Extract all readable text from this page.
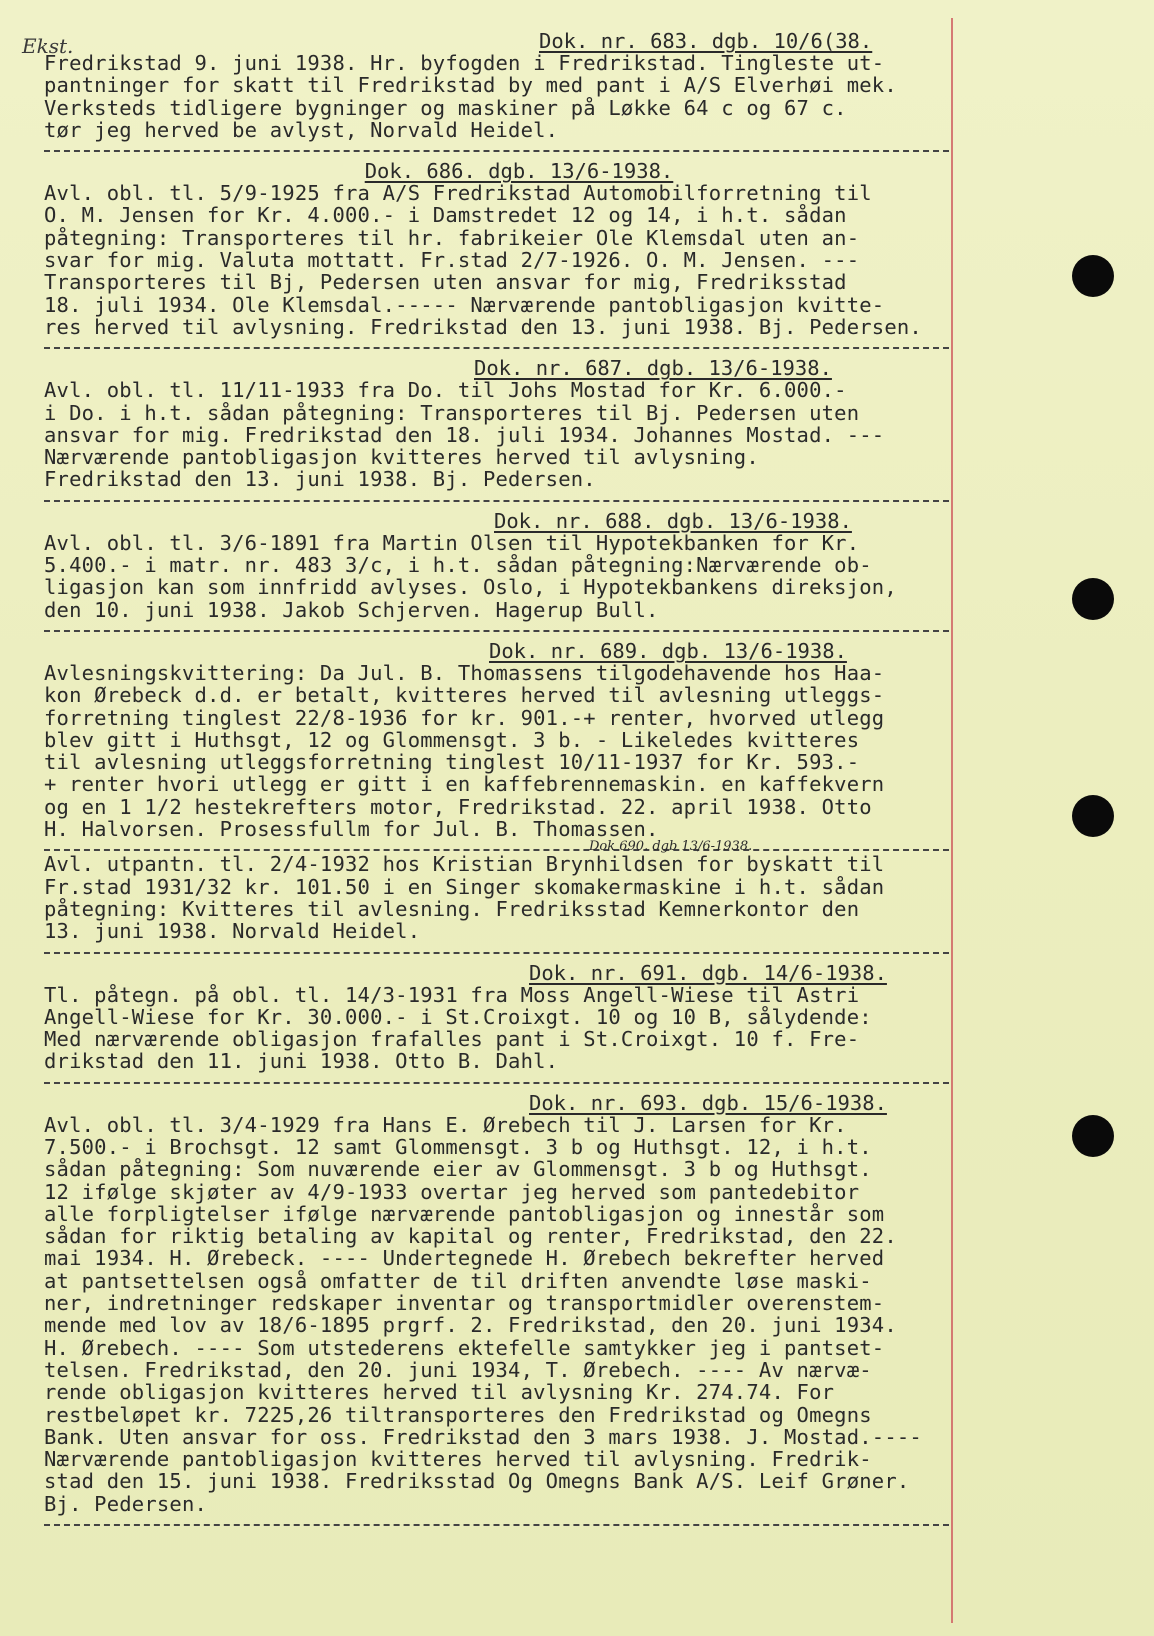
Ekst.	Dok. nr. 683. dgb. 10/6(38.
Fredrikstad 9. juni 1938. Hr. byfogden i Fredrikstad. Tingleste ut-
pantninger for skatt til Fredrikstad by med pant i A/S Elverhøi mek.
Verksteds tidligere bygninger og maskiner på Løkke 64 c og 67 c.
tør jeg herved be avlyst, Norvald Heidel.
Dok. 686. dgb. 13/6-1938.
Avl. obl. tl. 5/9-1925 fra A/S Fredrikstad Automobilforretning til
O. M. Jensen for Kr. 4.000.- i Damstredet 12 og 14, i h.t. sådan
påtegning: Transporteres til hr. fabrikeier Ole Klemsdal uten an-
svar for mig. Valuta mottatt. Fr.stad 2/7-1926. O. M. Jensen. ---
Transporteres til Bj, Pedersen uten ansvar for mig, Fredriksstad
18. juli 1934. Ole Klemsdal.----- Nærværende pantobligasjon kvitte-
res herved til avlysning. Fredrikstad den 13. juni 1938. Bj. Pedersen.
Dok. nr. 687. dgb. 13/6-1938.
Avl. obl. tl. 11/11-1933 fra Do. til Johs Mostad for Kr. 6.000.-
i Do. i h.t. sådan påtegning: Transporteres til Bj. Pedersen uten
ansvar for mig. Fredrikstad den 18. juli 1934. Johannes Mostad. ---
Nærværende pantobligasjon kvitteres herved til avlysning.
Fredrikstad den 13. juni 1938. Bj. Pedersen.
Dok. nr. 688. dgb. 13/6-1938.
Avl. obl. tl. 3/6-1891 fra Martin Olsen til Hypotekbanken for Kr.
5.400.- i matr. nr. 483 3/c, i h.t. sådan påtegning:Nærværende ob-
ligasjon kan som innfridd avlyses. Oslo, i Hypotekbankens direksjon,
den 10. juni 1938. Jakob Schjerven. Hagerup Bull.
Dok. nr. 689. dgb. 13/6-1938.
Avlesningskvittering: Da Jul. B. Thomassens tilgodehavende hos Haa-
kon Ørebeck d.d. er betalt, kvitteres herved til avlesning utleggs-
forretning tinglest 22/8-1936 for kr. 901.-+ renter, hvorved utlegg
blev gitt i Huthsgt, 12 og Glommensgt. 3 b. - Likeledes kvitteres
til avlesning utleggsforretning tinglest 10/11-1937 for Kr. 593.-
+ renter hvori utlegg er gitt i en kaffebrennemaskin. en kaffekvern
og en 1 1/2 hestekrefters motor, Fredrikstad. 22. april 1938. Otto
H. Halvorsen. Prosessfullm for Jul. B. Thomassen.
Dok 690. dgb 13/6-1938.
Avl. utpantn. tl. 2/4-1932 hos Kristian Brynhildsen for byskatt til
Fr.stad 1931/32 kr. 101.50 i en Singer skomakermaskine i h.t. sådan
påtegning: Kvitteres til avlesning. Fredriksstad Kemnerkontor den
13. juni 1938. Norvald Heidel.
Dok. nr. 691. dgb. 14/6-1938.
Tl. påtegn. på obl. tl. 14/3-1931 fra Moss Angell-Wiese til Astri
Angell-Wiese for Kr. 30.000.- i St.Croixgt. 10 og 10 B, sålydende:
Med nærværende obligasjon frafalles pant i St.Croixgt. 10 f. Fre-
drikstad den 11. juni 1938. Otto B. Dahl.
Dok. nr. 693. dgb. 15/6-1938.
Avl. obl. tl. 3/4-1929 fra Hans E. Ørebech til J. Larsen for Kr.
7.500.- i Brochsgt. 12 samt Glommensgt. 3 b og Huthsgt. 12, i h.t.
sådan påtegning: Som nuværende eier av Glommensgt. 3 b og Huthsgt.
12 ifølge skjøter av 4/9-1933 overtar jeg herved som pantedebitor
alle forpligtelser ifølge nærværende pantobligasjon og innestår som
sådan for riktig betaling av kapital og renter, Fredrikstad, den 22.
mai 1934. H. Ørebeck. ---- Undertegnede H. Ørebech bekrefter herved
at pantsettelsen også omfatter de til driften anvendte løse maski-
ner, indretninger redskaper inventar og transportmidler overenstem-
mende med lov av 18/6-1895 prgrf. 2. Fredrikstad, den 20. juni 1934.
H. Ørebech. ---- Som utstederens ektefelle samtykker jeg i pantset-
telsen. Fredrikstad, den 20. juni 1934, T. Ørebech. ---- Av nærvæ-
rende obligasjon kvitteres herved til avlysning Kr. 274.74. For
restbeløpet kr. 7225,26 tiltransporteres den Fredrikstad og Omegns
Bank. Uten ansvar for oss. Fredrikstad den 3 mars 1938. J. Mostad.----
Nærværende pantobligasjon kvitteres herved til avlysning. Fredrik-
stad den 15. juni 1938. Fredriksstad Og Omegns Bank A/S. Leif Grøner.
Bj. Pedersen.
